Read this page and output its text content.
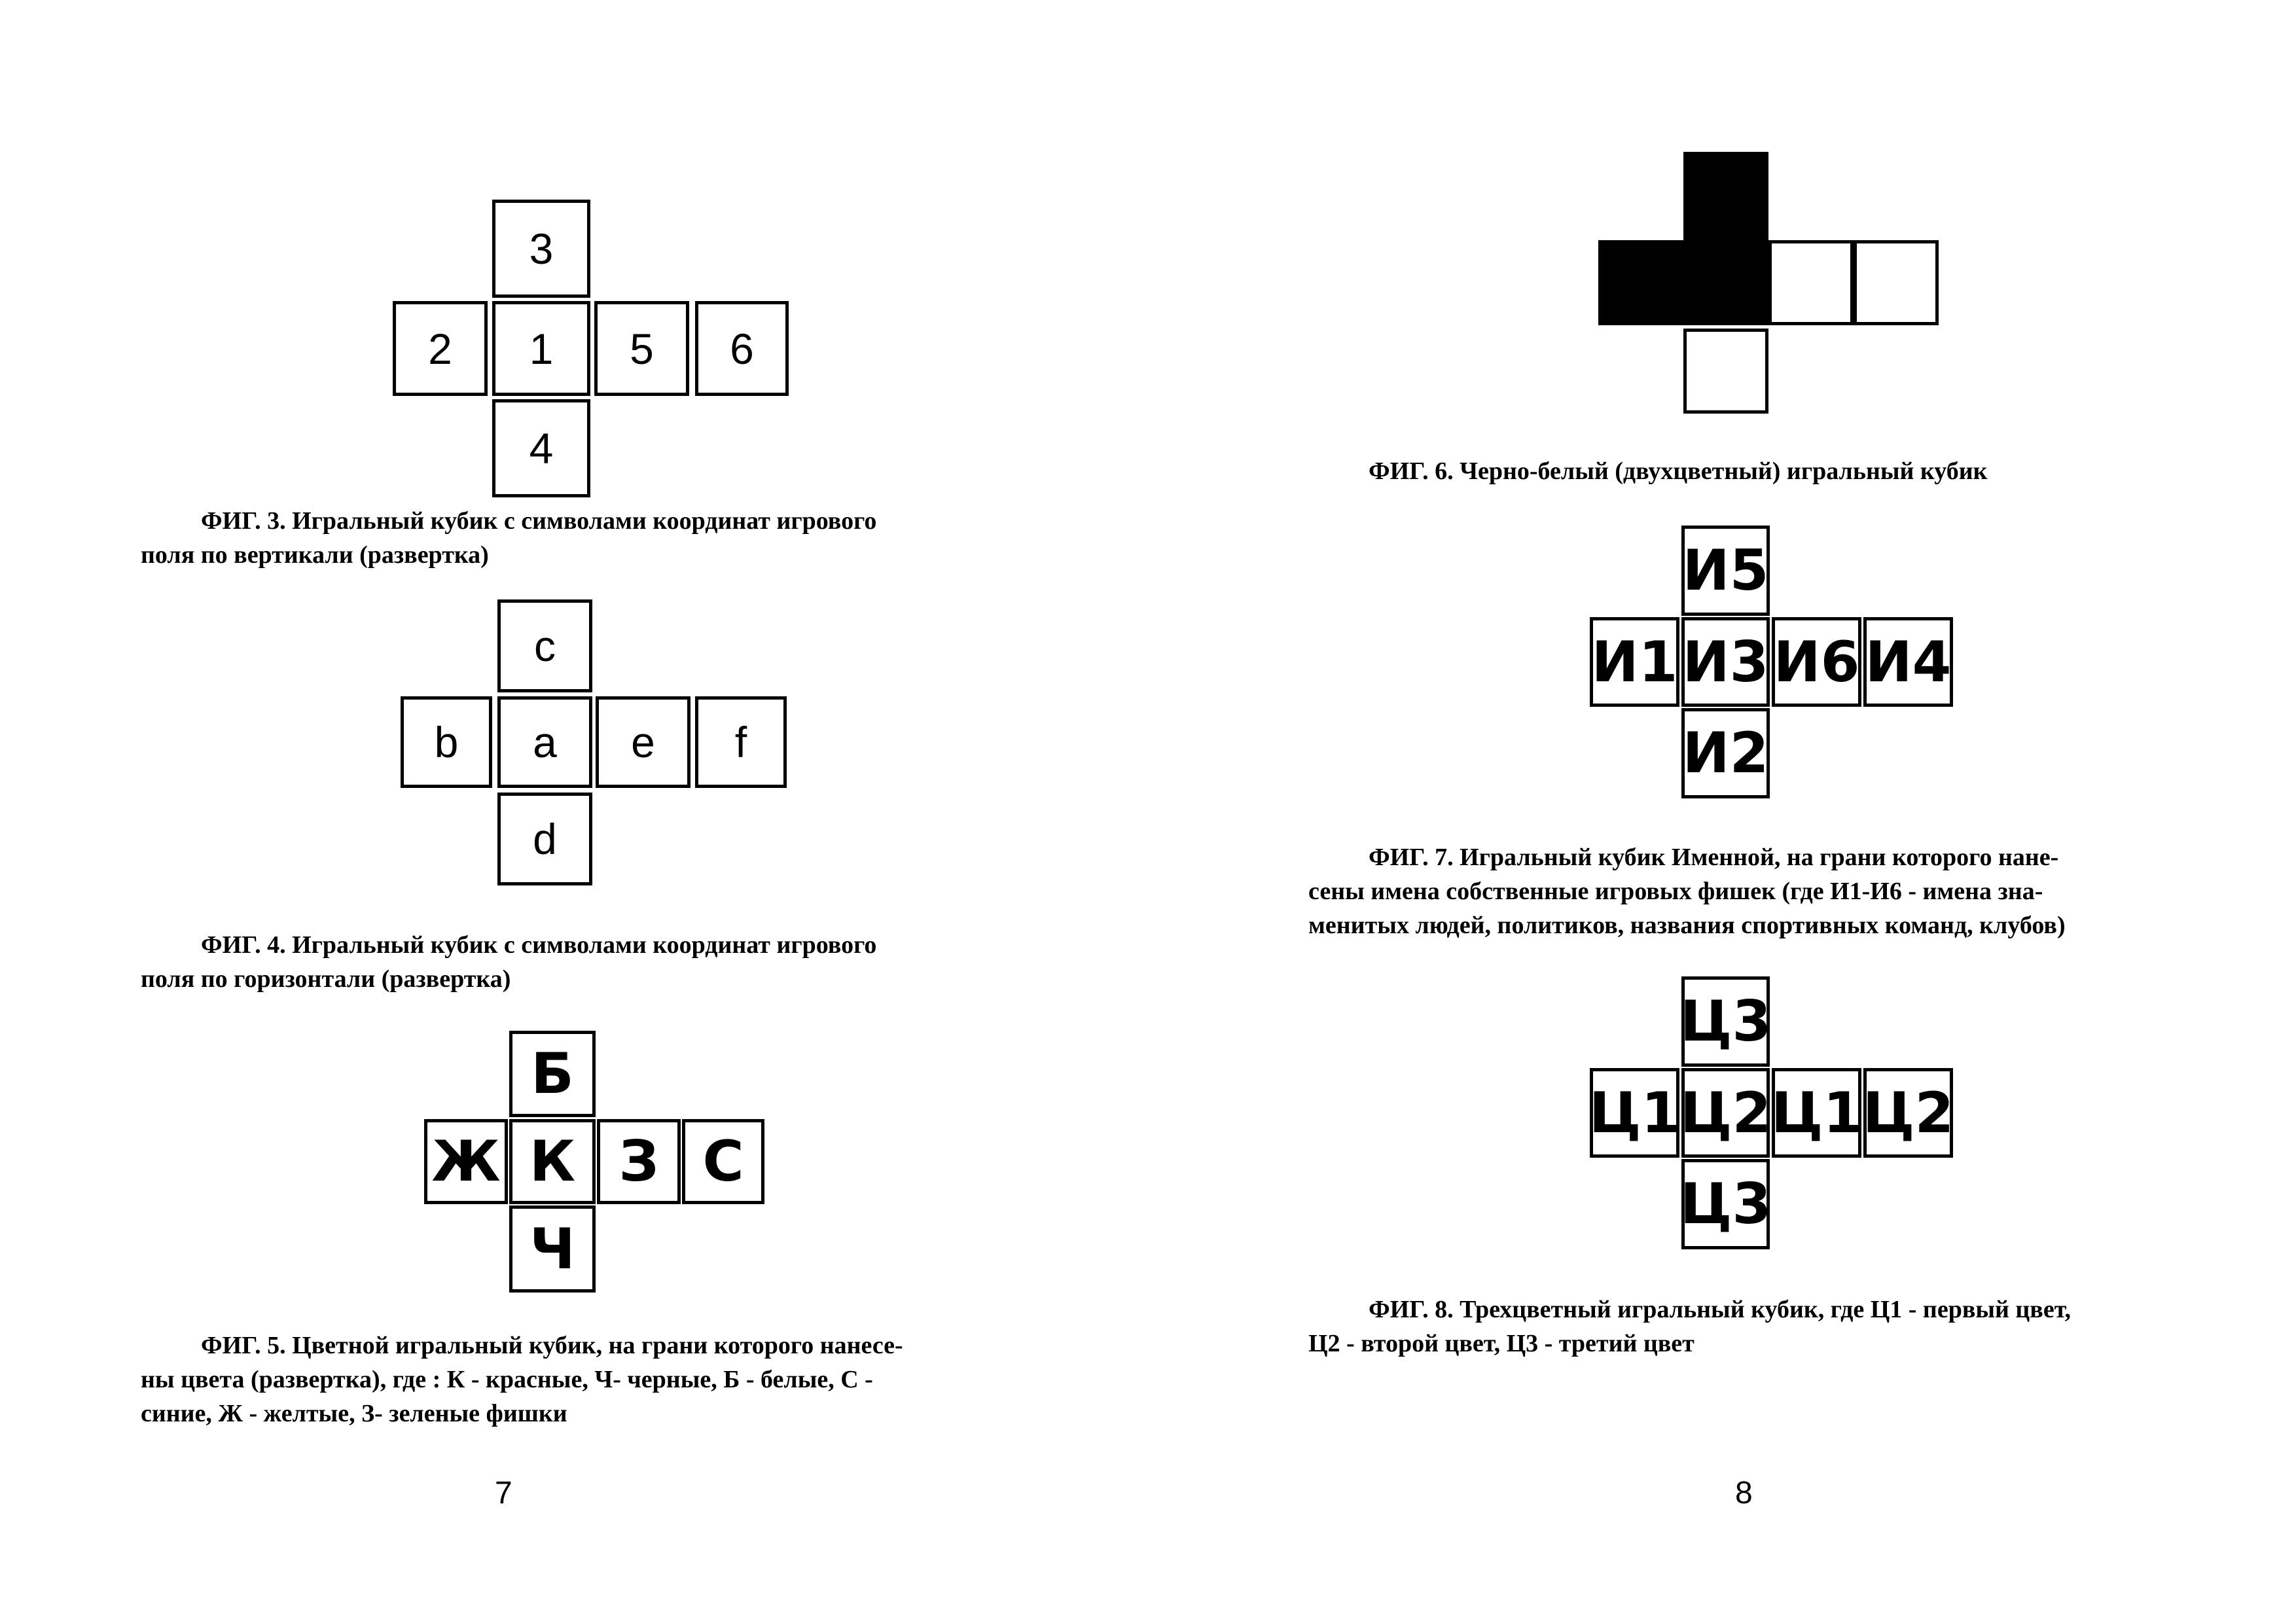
3
2	1	5	6
4
ФИГ. 3. Игральный кубик с символами координат игрового
поля по вертикали (развертка)
c
b	a	e	f
d
ФИГ. 4. Игральный кубик с символами координат игрового
поля по горизонтали (развертка)
Б
Ж К З С
Ч
ФИГ. 5. Цветной игральный кубик, на грани которого нанесе-
ны цвета (развертка), где : К - красные, Ч- черные, Б - белые, С -
синие, Ж - желтые, З- зеленые фишки
7
ФИГ. 6. Черно-белый (двухцветный) игральный кубик
И5
И1 И3 И6 И4
И2
ФИГ. 7. Игральный кубик Именной, на грани которого нане-
сены имена собственные игровых фишек (где И1-И6 - имена зна-
менитых людей, политиков, названия спортивных команд, клубов)
Ц3
Ц1 Ц2 Ц1 Ц2
Ц3
ФИГ. 8. Трехцветный игральный кубик, где Ц1 - первый цвет,
Ц2 - второй цвет, Ц3 - третий цвет
8
